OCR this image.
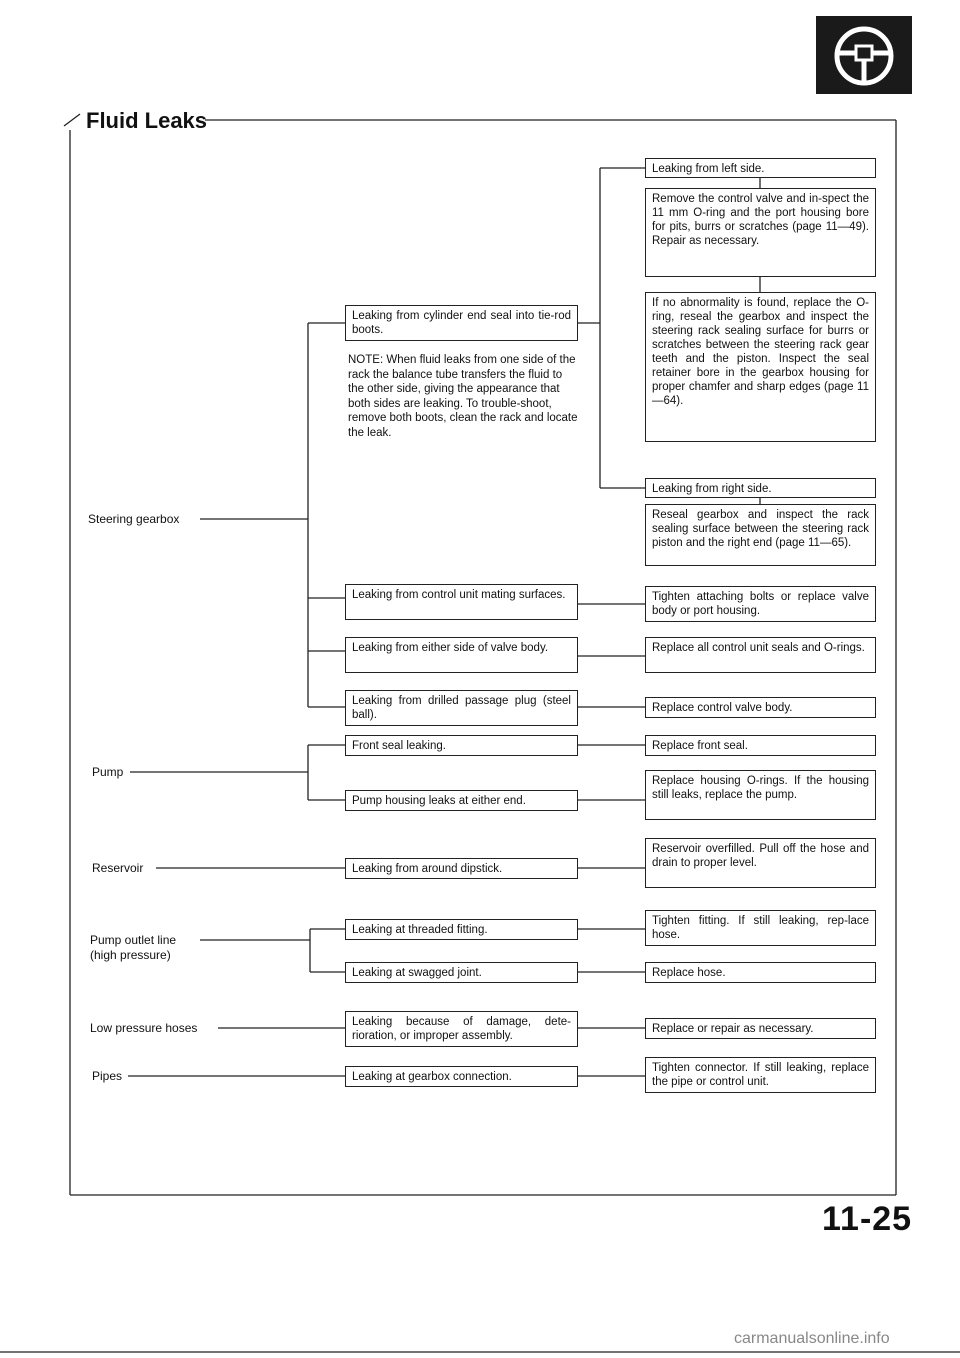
Fluid Leaks
Steering gearbox
Pump
Reservoir
Pump outlet line
(high pressure)
Low pressure hoses
Pipes
Leaking from cylinder end seal into tie-rod boots.
NOTE: When fluid leaks from one side of the rack the balance tube transfers the fluid to the other side, giving the appearance that both sides are leaking. To trouble-shoot, remove both boots, clean the rack and locate the leak.
Leaking from control unit mating surfaces.
Leaking from either side of valve body.
Leaking from drilled passage plug (steel ball).
Front seal leaking.
Pump housing leaks at either end.
Leaking from around dipstick.
Leaking at threaded fitting.
Leaking at swagged joint.
Leaking because of damage, dete-rioration, or improper assembly.
Leaking at gearbox connection.
Leaking from left side.
Remove the control valve and in-spect the 11 mm O-ring and the port housing bore for pits, burrs or scratches (page 11—49). Repair as necessary.
If no abnormality is found, replace the O-ring, reseal the gearbox and inspect the steering rack sealing surface for burrs or scratches between the steering rack gear teeth and the piston. Inspect the seal retainer bore in the gearbox housing for proper chamfer and sharp edges (page 11—64).
Leaking from right side.
Reseal gearbox and inspect the rack sealing surface between the steering rack piston and the right end (page 11—65).
Tighten attaching bolts or replace valve body or port housing.
Replace all control unit seals and O-rings.
Replace control valve body.
Replace front seal.
Replace housing O-rings. If the housing still leaks, replace the pump.
Reservoir overfilled. Pull off the hose and drain to proper level.
Tighten fitting. If still leaking, rep-lace hose.
Replace hose.
Replace or repair as necessary.
Tighten connector. If still leaking, replace the pipe or control unit.
11-25
carmanualsonline.info
